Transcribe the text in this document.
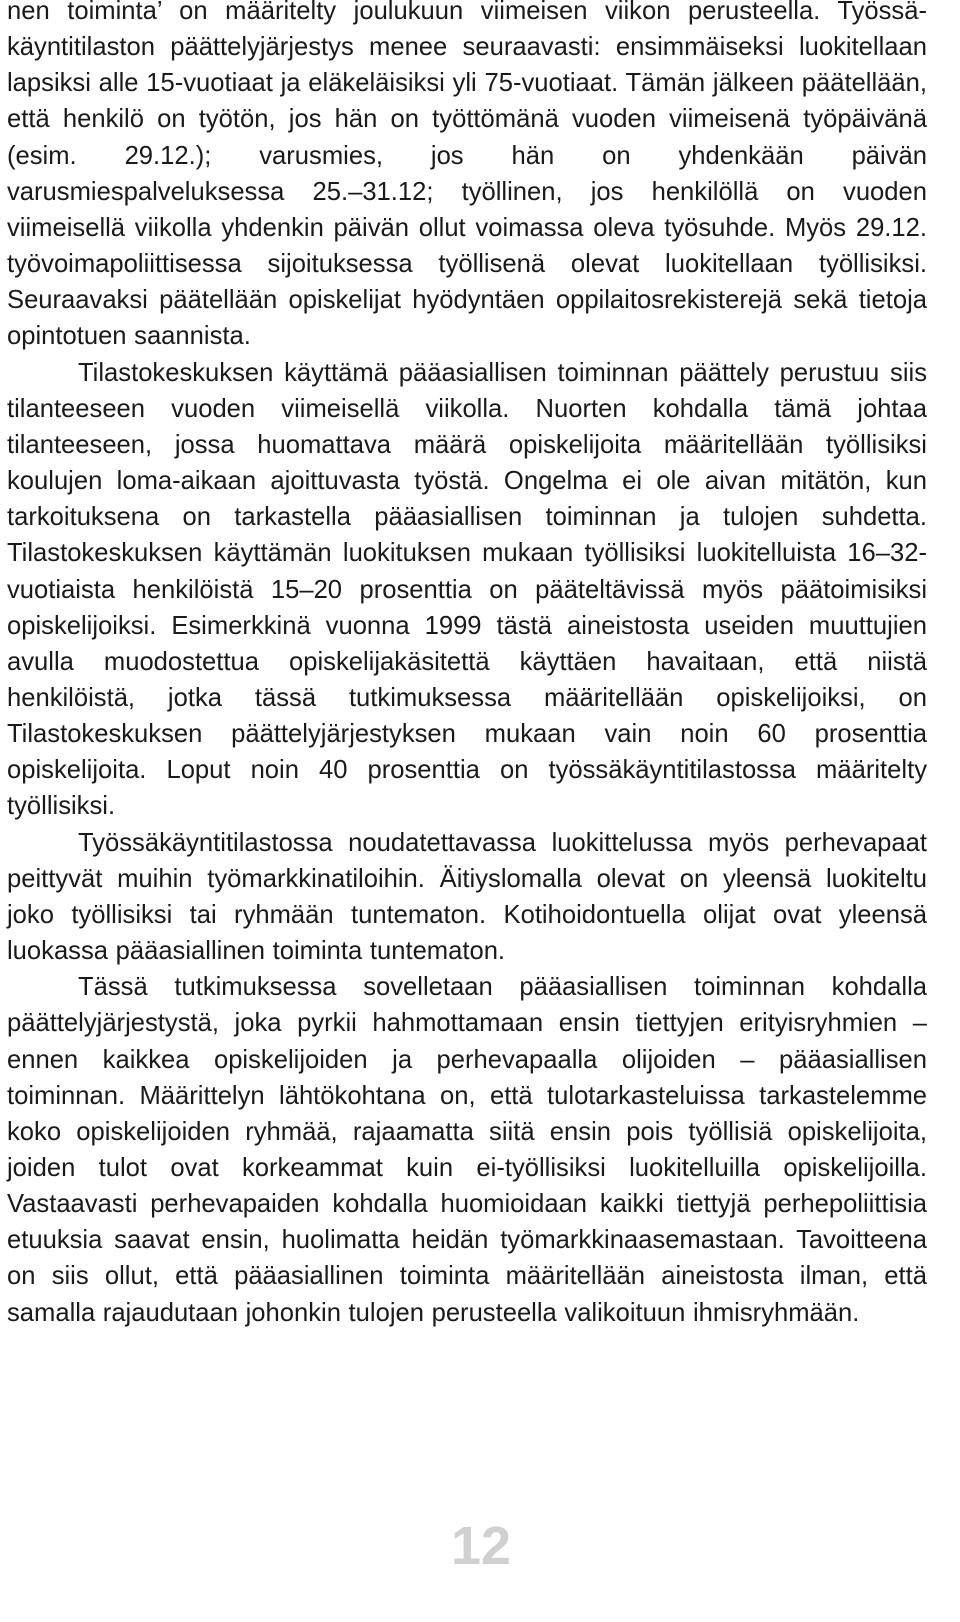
nen toiminta’ on määritelty joulukuun viimeisen viikon perusteella. Työssäkäyntitilaston päättelyjärjestys menee seuraavasti: ensimmäiseksi luokitellaan lapsiksi alle 15-vuotiaat ja eläkeläisiksi yli 75-vuotiaat. Tämän jälkeen päätellään, että henkilö on työtön, jos hän on työttömänä vuoden viimeisenä työpäivänä (esim. 29.12.); varusmies, jos hän on yhdenkään päivän varusmiespalveluksessa 25.–31.12; työllinen, jos henkilöllä on vuoden viimeisellä viikolla yhdenkin päivän ollut voimassa oleva työsuhde. Myös 29.12. työvoimapoliittisessa sijoituksessa työllisenä olevat luokitellaan työllisiksi. Seuraavaksi päätellään opiskelijat hyödyntäen oppilaitosrekisterejä sekä tietoja opintotuen saannista.

Tilastokeskuksen käyttämä pääasiallisen toiminnan päättely perustuu siis tilanteeseen vuoden viimeisellä viikolla. Nuorten kohdalla tämä johtaa tilanteeseen, jossa huomattava määrä opiskelijoita määritellään työllisiksi koulujen loma-aikaan ajoittuvasta työstä. Ongelma ei ole aivan mitätön, kun tarkoituksena on tarkastella pääasiallisen toiminnan ja tulojen suhdetta. Tilastokeskuksen käyttämän luokituksen mukaan työllisiksi luokitelluista 16–32-vuotiaista henkilöistä 15–20 prosenttia on pääteltävissä myös päätoimisiksi opiskelijoiksi. Esimerkkinä vuonna 1999 tästä aineistosta useiden muuttujien avulla muodostettua opiskelijakäsitettä käyttäen havaitaan, että niistä henkilöistä, jotka tässä tutkimuksessa määritellään opiskelijoiksi, on Tilastokeskuksen päättelyjärjestyksen mukaan vain noin 60 prosenttia opiskelijoita. Loput noin 40 prosenttia on työssäkäyntitilastossa määritelty työllisiksi.

Työssäkäyntitilastossa noudatettavassa luokittelussa myös perhevapaat peittyvät muihin työmarkkinatiloihin. Äitiyslomalla olevat on yleensä luokiteltu joko työllisiksi tai ryhmään tuntematon. Kotihoidontuella olijat ovat yleensä luokassa pääasiallinen toiminta tuntematon.

Tässä tutkimuksessa sovelletaan pääasiallisen toiminnan kohdalla päättelyjärjestystä, joka pyrkii hahmottamaan ensin tiettyjen erityisryhmien – ennen kaikkea opiskelijoiden ja perhevapaalla olijoiden – pääasiallisen toiminnan. Määrittelyn lähtökohtana on, että tulotarkasteluissa tarkastelemme koko opiskelijoiden ryhmää, rajaamatta siitä ensin pois työllisiä opiskelijoita, joiden tulot ovat korkeammat kuin ei-työllisiksi luokitelluilla opiskelijoilla. Vastaavasti perhevapaiden kohdalla huomioidaan kaikki tiettyjä perhepoliittisia etuuksia saavat ensin, huolimatta heidän työmarkkinaasemastaan. Tavoitteena on siis ollut, että pääasiallinen toiminta määritellään aineistosta ilman, että samalla rajaudutaan johonkin tulojen perusteella valikoituun ihmisryhmään.

12
